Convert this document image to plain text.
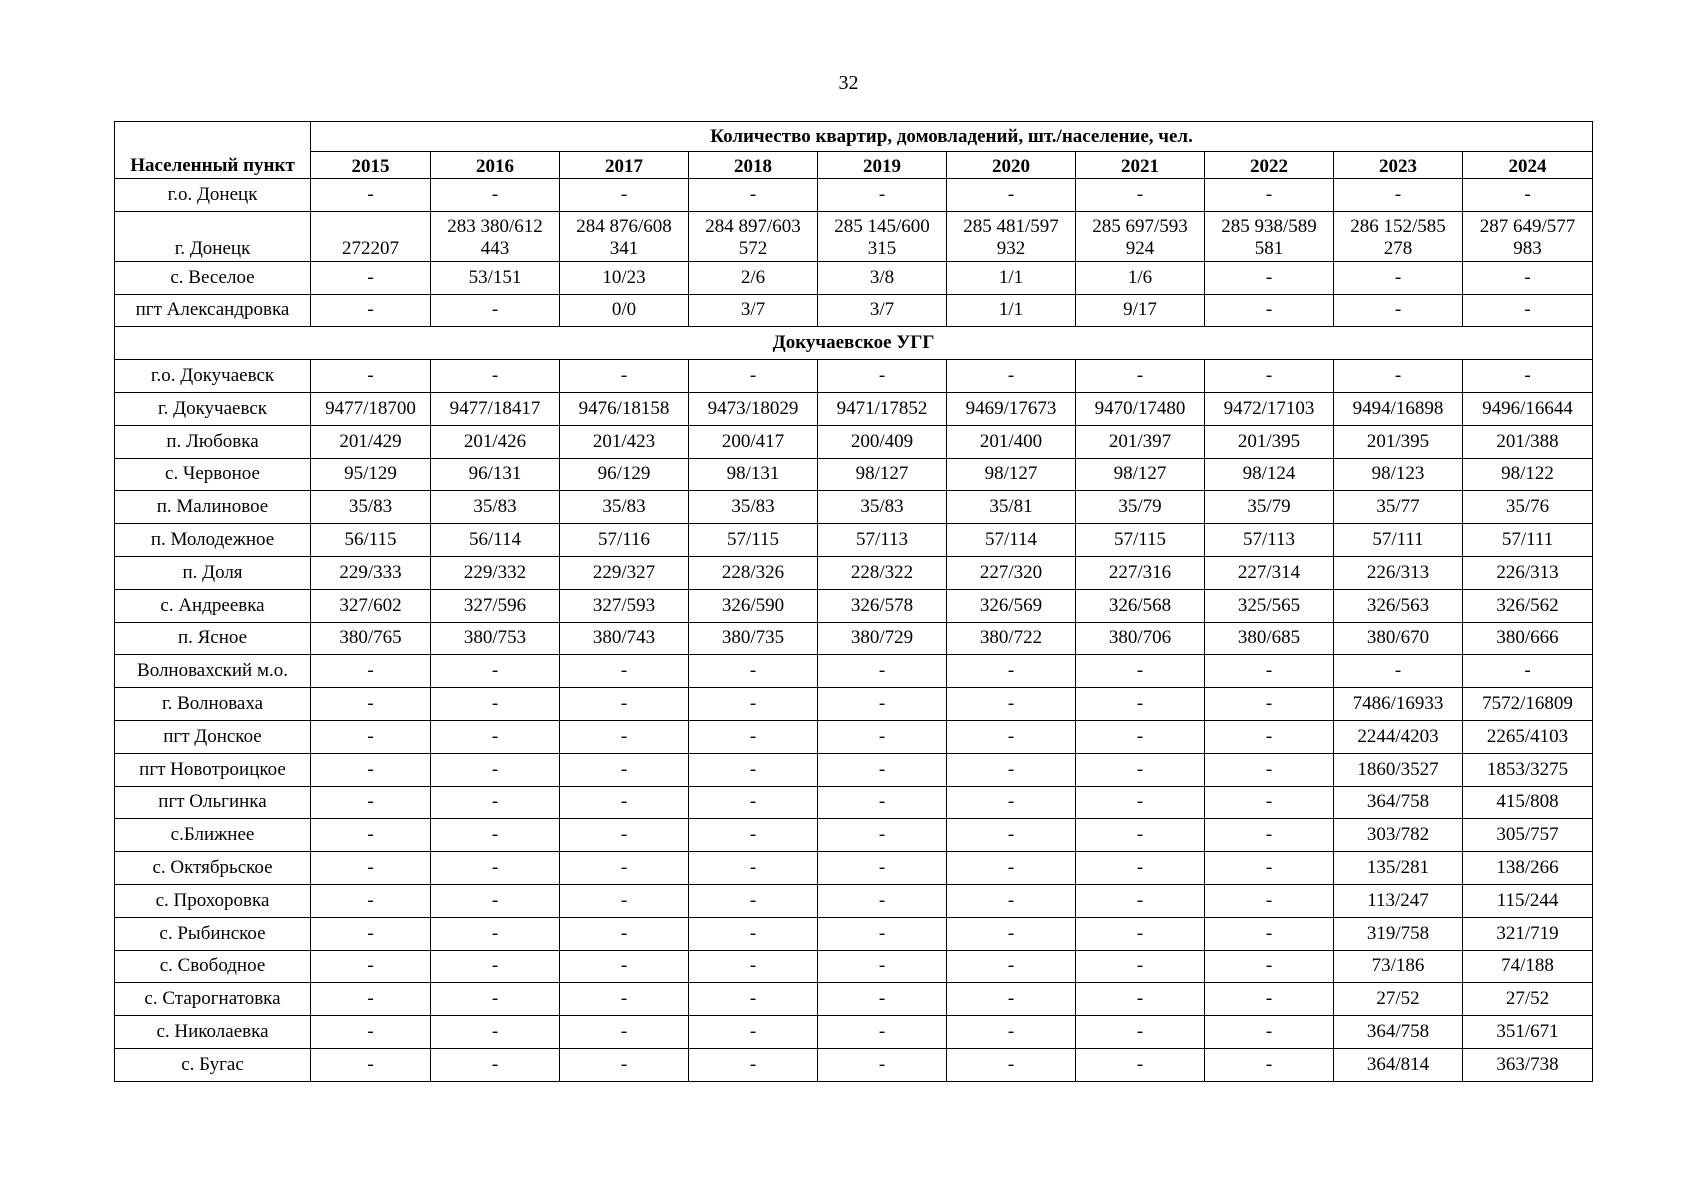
32
Населенный пункт	Количество квартир, домовладений, шт./население, чел.									
	2015	2016	2017	2018	2019	2020	2021	2022	2023	2024
г.о. Донецк	-	-	-	-	-	-	-	-	-	-
г. Донецк	272207	283 380/612 443	284 876/608 341	284 897/603 572	285 145/600 315	285 481/597 932	285 697/593 924	285 938/589 581	286 152/585 278	287 649/577 983
с. Веселое	-	53/151	10/23	2/6	3/8	1/1	1/6	-	-	-
пгт Александровка	-	-	0/0	3/7	3/7	1/1	9/17	-	-	-
Докучаевское УГГ										
г.о. Докучаевск	-	-	-	-	-	-	-	-	-	-
г. Докучаевск	9477/18700	9477/18417	9476/18158	9473/18029	9471/17852	9469/17673	9470/17480	9472/17103	9494/16898	9496/16644
п. Любовка	201/429	201/426	201/423	200/417	200/409	201/400	201/397	201/395	201/395	201/388
с. Червоное	95/129	96/131	96/129	98/131	98/127	98/127	98/127	98/124	98/123	98/122
п. Малиновое	35/83	35/83	35/83	35/83	35/83	35/81	35/79	35/79	35/77	35/76
п. Молодежное	56/115	56/114	57/116	57/115	57/113	57/114	57/115	57/113	57/111	57/111
п. Доля	229/333	229/332	229/327	228/326	228/322	227/320	227/316	227/314	226/313	226/313
с. Андреевка	327/602	327/596	327/593	326/590	326/578	326/569	326/568	325/565	326/563	326/562
п. Ясное	380/765	380/753	380/743	380/735	380/729	380/722	380/706	380/685	380/670	380/666
Волновахский м.о.	-	-	-	-	-	-	-	-	-	-
г. Волноваха	-	-	-	-	-	-	-	-	7486/16933	7572/16809
пгт Донское	-	-	-	-	-	-	-	-	2244/4203	2265/4103
пгт Новотроицкое	-	-	-	-	-	-	-	-	1860/3527	1853/3275
пгт Ольгинка	-	-	-	-	-	-	-	-	364/758	415/808
с.Ближнее	-	-	-	-	-	-	-	-	303/782	305/757
с. Октябрьское	-	-	-	-	-	-	-	-	135/281	138/266
с. Прохоровка	-	-	-	-	-	-	-	-	113/247	115/244
с. Рыбинское	-	-	-	-	-	-	-	-	319/758	321/719
с. Свободное	-	-	-	-	-	-	-	-	73/186	74/188
с. Старогнатовка	-	-	-	-	-	-	-	-	27/52	27/52
с. Николаевка	-	-	-	-	-	-	-	-	364/758	351/671
с. Бугас	-	-	-	-	-	-	-	-	364/814	363/738
